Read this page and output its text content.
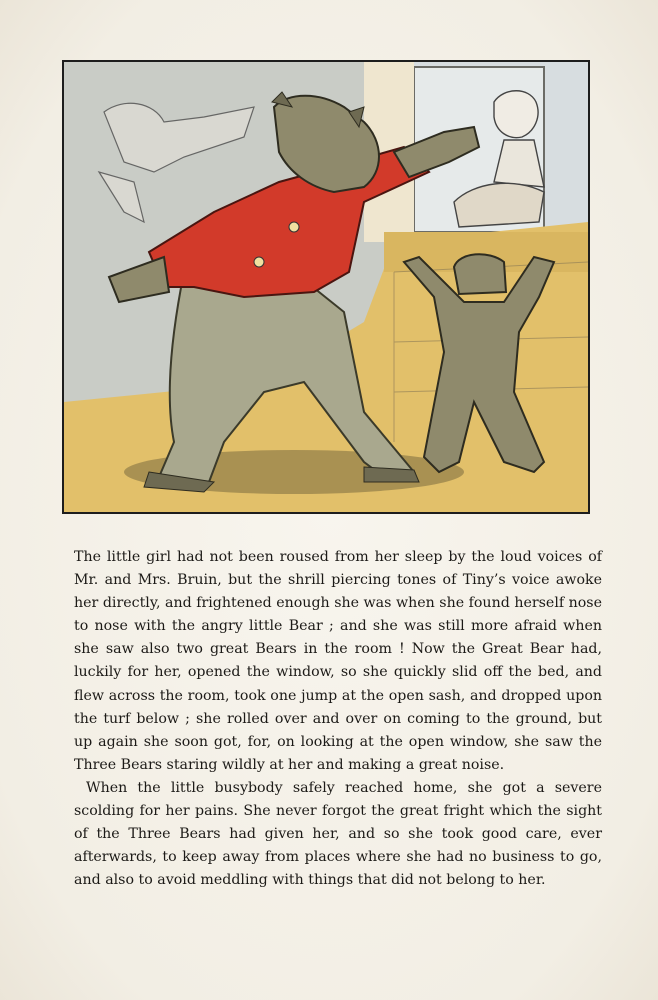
The little girl had not been roused from her sleep by the loud voices of Mr. and Mrs. Bruin, but the shrill piercing tones of Tiny’s voice awoke her directly, and frightened enough she was when she found herself nose to nose with the angry little Bear ; and she was still more afraid when she saw also two great Bears in the room ! Now the Great Bear had, luckily for her, opened the window, so she quickly slid off the bed, and flew across the room, took one jump at the open sash, and dropped upon the turf below ; she rolled over and over on coming to the ground, but up again she soon got, for, on looking at the open window, she saw the Three Bears staring wildly at her and making a great noise.

When the little busybody safely reached home, she got a severe scolding for her pains. She never forgot the great fright which the sight of the Three Bears had given her, and so she took good care, ever afterwards, to keep away from places where she had no business to go, and also to avoid meddling with things that did not belong to her.
